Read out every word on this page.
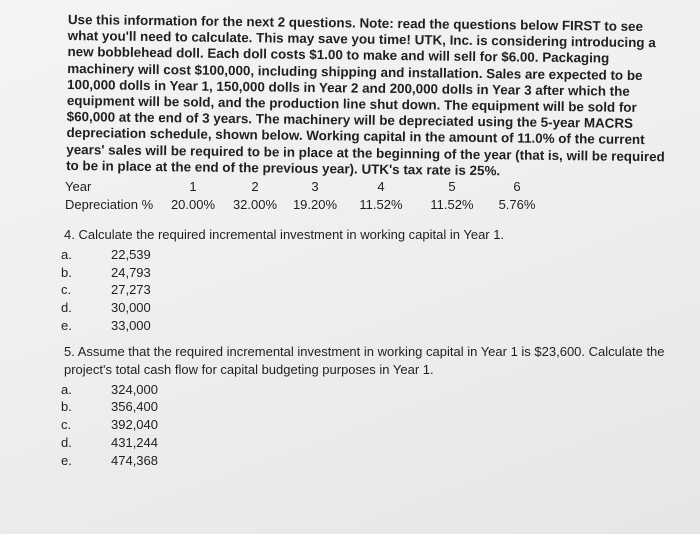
Use this information for the next 2 questions. Note: read the questions below FIRST to see what you'll need to calculate. This may save you time! UTK, Inc. is considering introducing a new bobblehead doll. Each doll costs $1.00 to make and will sell for $6.00. Packaging machinery will cost $100,000, including shipping and installation. Sales are expected to be 100,000 dolls in Year 1, 150,000 dolls in Year 2 and 200,000 dolls in Year 3 after which the equipment will be sold, and the production line shut down. The equipment will be sold for $60,000 at the end of 3 years. The machinery will be depreciated using the 5-year MACRS depreciation schedule, shown below. Working capital in the amount of 11.0% of the current years' sales will be required to be in place at the beginning of the year (that is, will be required to be in place at the end of the previous year). UTK's tax rate is 25%.

Year	1	2	3	4	5	6
Depreciation %	20.00%	32.00%	19.20%	11.52%	11.52%	5.76%

4. Calculate the required incremental investment in working capital in Year 1.

a.	22,539
b.	24,793
c.	27,273
d.	30,000
e.	33,000

5. Assume that the required incremental investment in working capital in Year 1 is $23,600. Calculate the project's total cash flow for capital budgeting purposes in Year 1.

a.	324,000
b.	356,400
c.	392,040
d.	431,244
e.	474,368
